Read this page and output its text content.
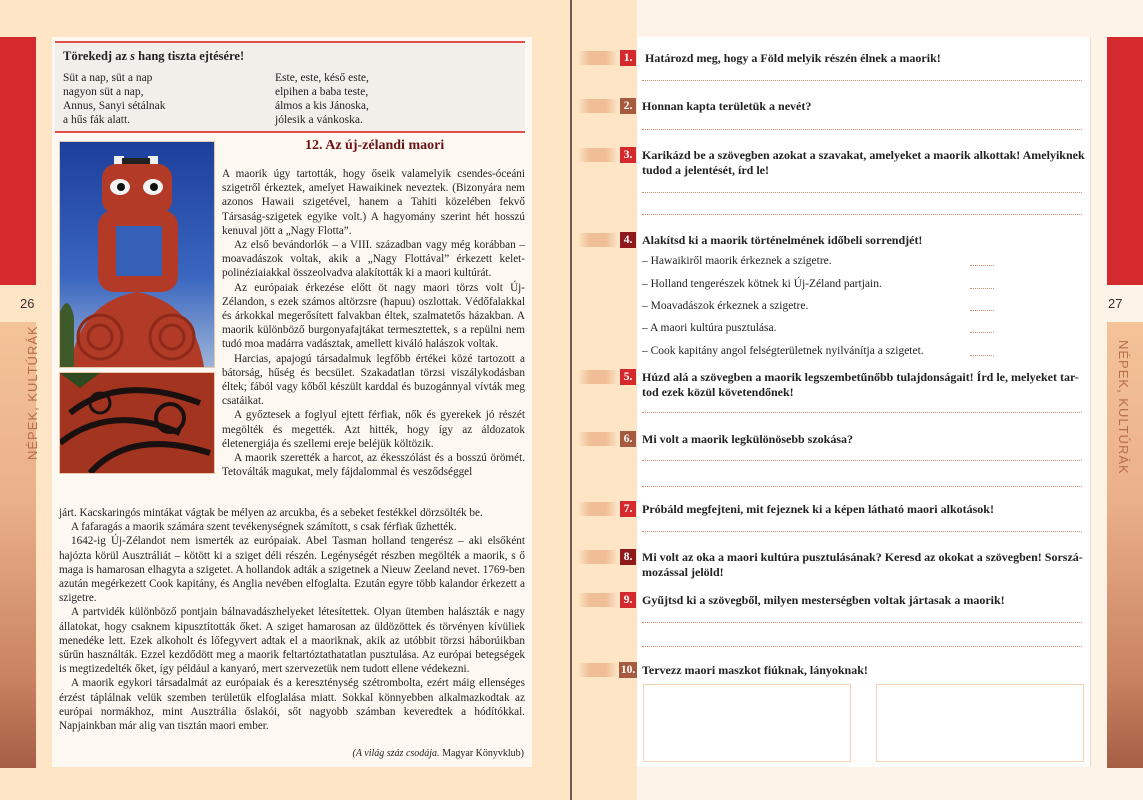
26
NÉPEK, KULTÚRÁK
Törekedj az s hang tiszta ejtésére!
Süt a nap, süt a nap
nagyon süt a nap,
Annus, Sanyi sétálnak
a hűs fák alatt.
Este, este, késő este,
elpihen a baba teste,
álmos a kis Jánoska,
jólesik a vánkoska.
12. Az új-zélandi maori

A maorik úgy tartották, hogy őseik valamelyik csendes-óceáni szigetről érkeztek, amelyet Hawaikinek neveztek. (Bizonyára nem azonos Hawaii szigetével, hanem a Tahiti közelében fekvő Társaság-szigetek egyike volt.) A hagyomány szerint hét hosszú kenuval jött a „Nagy Flotta”.

Az első bevándorlók – a VIII. században vagy még korábban – moavadászok voltak, akik a „Nagy Flottával” érkezett kelet-polinéziaiakkal összeolvadva alakították ki a maori kultúrát.

Az európaiak érkezése előtt öt nagy maori törzs volt Új-Zélandon, s ezek számos altörzsre (hapuu) oszlottak. Védőfalakkal és árkokkal megerősített falvakban éltek, szalmatetős házakban. A maorik különböző burgonyafajtákat termesztettek, s a repülni nem tudó moa madárra vadásztak, amellett kiváló halászok voltak.

Harcias, apajogú társadalmuk legfőbb értékei közé tartozott a bátorság, hűség és becsület. Szakadatlan törzsi viszálykodásban éltek; fából vagy kőből készült karddal és buzogánnyal vívták meg csatáikat.

A győztesek a foglyul ejtett férfiak, nők és gyerekek jó részét megölték és megették. Azt hitték, hogy így az áldozatok életenergiája és szellemi ereje beléjük költözik.

A maorik szerették a harcot, az ékesszólást és a bosszú örömét. Tetoválták magukat, mely fájdalommal és vesződséggel

járt. Kacskaringós mintákat vágtak be mélyen az arcukba, és a sebeket festékkel dörzsölték be.

A fafaragás a maorik számára szent tevékenységnek számított, s csak férfiak űzhették.

1642-ig Új-Zélandot nem ismerték az európaiak. Abel Tasman holland tengerész – aki elsőként hajózta körül Ausztráliát – kötött ki a sziget déli részén. Legénységét részben megölték a maorik, s ő maga is hamarosan elhagyta a szigetet. A hollandok adták a szigetnek a Nieuw Zeeland nevet. 1769-ben azután megérkezett Cook kapitány, és Anglia nevében elfoglalta. Ezután egyre több kalandor érkezett a szigetre.

A partvidék különböző pontjain bálnavadászhelyeket létesítettek. Olyan ütemben halászták e nagy állatokat, hogy csaknem kipusztították őket. A sziget hamarosan az üldözöttek és törvényen kívüliek menedéke lett. Ezek alkoholt és lőfegyvert adtak el a maoriknak, akik az utóbbit törzsi háborúikban sűrűn használták. Ezzel kezdődött meg a maorik feltartóztathatatlan pusztulása. Az európai betegségek is megtizedelték őket, így például a kanyaró, mert szervezetük nem tudott ellene védekezni.

A maorik egykori társadalmát az európaiak és a kereszténység szétrombolta, ezért máig ellenséges érzést táplálnak velük szemben területük elfoglalása miatt. Sokkal könnyebben alkalmazkodtak az európai normákhoz, mint Ausztrália őslakói, sőt nagyobb számban keveredtek a hódítókkal. Napjainkban már alig van tisztán maori ember.

(A világ száz csodája. Magyar Könyvklub)
27
NÉPEK, KULTÚRÁK
1.	Határozd meg, hogy a Föld melyik részén élnek a maorik!
2. Honnan kapta területük a nevét?
3. Karikázd be a szövegben azokat a szavakat, amelyeket a maorik alkottak! Amelyiknek
tudod a jelentését, írd le!
4. Alakítsd ki a maorik történelmének időbeli sorrendjét!
– Hawaikiről maorik érkeznek a szigetre.
– Holland tengerészek kötnek ki Új-Zéland partjain.
– Moavadászok érkeznek a szigetre.
– A maori kultúra pusztulása.
– Cook kapitány angol felségterületnek nyilvánítja a szigetet.
5. Húzd alá a szövegben a maorik legszembetűnőbb tulajdonságait! Írd le, melyeket tar-
tod ezek közül követendőnek!
6. Mi volt a maorik legkülönösebb szokása?
7. Próbáld megfejteni, mit fejeznek ki a képen látható maori alkotások!
8. Mi volt az oka a maori kultúra pusztulásának? Keresd az okokat a szövegben! Sorszá-
mozással jelöld!
9. Gyűjtsd ki a szövegből, milyen mesterségben voltak jártasak a maorik!
10. Tervezz maori maszkot fiúknak, lányoknak!
